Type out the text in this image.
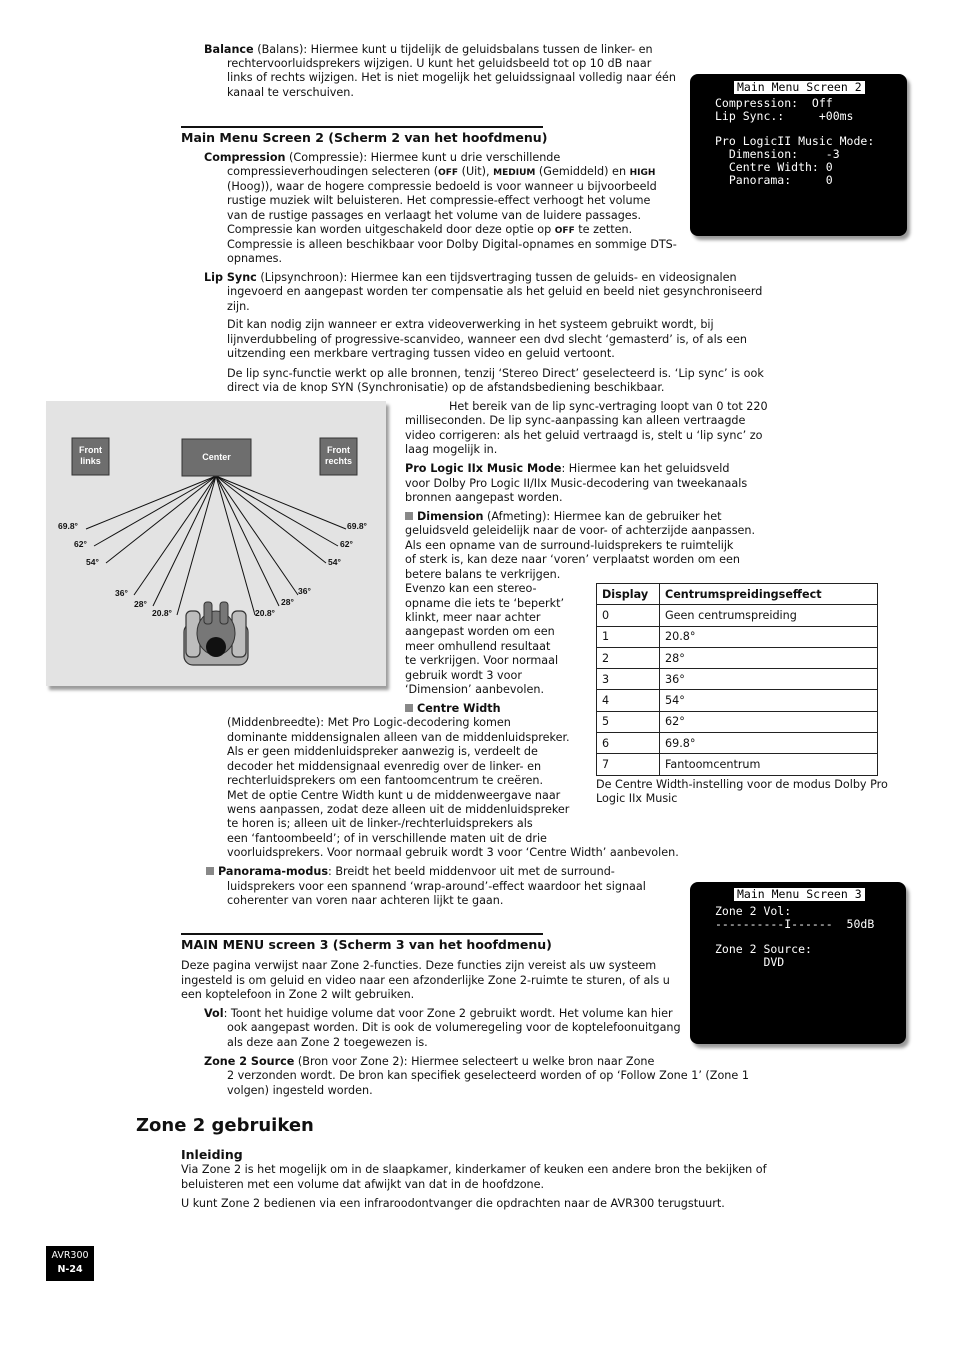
Balance (Balans): Hiermee kunt u tijdelijk de geluidsbalans tussen de linker- en
rechtervoorluidsprekers wijzigen. U kunt het geluidsbeeld tot op 10 dB naar
links of rechts wijzigen. Het is niet mogelijk het geluidssignaal volledig naar één
kanaal te verschuiven.	Main Menu Screen 2
Compression:  Off
Lip Sync.:     +00ms
Pro LogicII Music Mode:
Dimension:    -3
Centre Width: 0
Panorama:     0
Main Menu Screen 2 (Scherm 2 van het hoofdmenu)
Compression (Compressie): Hiermee kunt u drie verschillende
compressieverhoudingen selecteren (OFF (Uit), MEDIUM (Gemiddeld) en HIGH
(Hoog)), waar de hogere compressie bedoeld is voor wanneer u bijvoorbeeld
rustige muziek wilt beluisteren. Het compressie-effect verhoogt het volume
van de rustige passages en verlaagt het volume van de luidere passages.
Compressie kan worden uitgeschakeld door deze optie op OFF te zetten.
Compressie is alleen beschikbaar voor Dolby Digital-opnames en sommige DTS-
opnames.
Lip Sync (Lipsynchroon): Hiermee kan een tijdsvertraging tussen de geluids- en videosignalen
ingevoerd en aangepast worden ter compensatie als het geluid en beeld niet gesynchroniseerd
zijn.
Dit kan nodig zijn wanneer er extra videoverwerking in het systeem gebruikt wordt, bij
lijnverdubbeling of progressive-scanvideo, wanneer een dvd slecht ‘gemasterd’ is, of als een
uitzending een merkbare vertraging tussen video en geluid vertoont.
De lip sync-functie werkt op alle bronnen, tenzij ‘Stereo Direct’ geselecteerd is. ‘Lip sync’ is ook
direct via de knop SYN (Synchronisatie) op de afstandsbediening beschikbaar.
Front
links	Center
Front
rechts
69.8°
62°
54°
36°
28°
20.8°
69.8°
62°
54°
36°
28°
20.8°
Het bereik van de lip sync-vertraging loopt van 0 tot 220
milliseconden. De lip sync-aanpassing kan alleen vertraagde
video corrigeren: als het geluid vertraagd is, stelt u ‘lip sync’ zo
laag mogelijk in.
Pro Logic IIx Music Mode: Hiermee kan het geluidsveld
voor Dolby Pro Logic II/IIx Music-decodering van tweekanaals
bronnen aangepast worden.
Dimension (Afmeting): Hiermee kan de gebruiker het
geluidsveld geleidelijk naar de voor- of achterzijde aanpassen.
Als een opname van de surround-luidsprekers te ruimtelijk
of sterk is, kan deze naar ‘voren’ verplaatst worden om een
betere balans te verkrijgen.
Evenzo kan een stereo-
opname die iets te ‘beperkt’
klinkt, meer naar achter
aangepast worden om een
meer omhullend resultaat
te verkrijgen. Voor normaal
gebruik wordt 3 voor
‘Dimension’ aanbevolen.
Display	Centrumspreidingseffect
0	Geen centrumspreiding
1	20.8°
2	28°
3	36°
4	54°
5	62°
6	69.8°
7	Fantoomcentrum
De Centre Width-instelling voor de modus Dolby Pro
Logic IIx Music
Centre Width
(Middenbreedte): Met Pro Logic-decodering komen
dominante middensignalen alleen van de middenluidspreker.
Als er geen middenluidspreker aanwezig is, verdeelt de
decoder het middensignaal evenredig over de linker- en
rechterluidsprekers om een fantoomcentrum te creëren.
Met de optie Centre Width kunt u de middenweergave naar
wens aanpassen, zodat deze alleen uit de middenluidspreker
te horen is; alleen uit de linker-/rechterluidsprekers als
een ‘fantoombeeld’; of in verschillende maten uit de drie
voorluidsprekers. Voor normaal gebruik wordt 3 voor ‘Centre Width’ aanbevolen.
Panorama-modus: Breidt het beeld middenvoor uit met de surround-
luidsprekers voor een spannend ‘wrap-around’-effect waardoor het signaal
coherenter van voren naar achteren lijkt te gaan.	Main Menu Screen 3
Zone 2 Vol:
----------I------  50dB
Zone 2 Source:
DVD
MAIN MENU screen 3 (Scherm 3 van het hoofdmenu)
Deze pagina verwijst naar Zone 2-functies. Deze functies zijn vereist als uw systeem
ingesteld is om geluid en video naar een afzonderlijke Zone 2-ruimte te sturen, of als u
een koptelefoon in Zone 2 wilt gebruiken.
Vol: Toont het huidige volume dat voor Zone 2 gebruikt wordt. Het volume kan hier
ook aangepast worden. Dit is ook de volumeregeling voor de koptelefoonuitgang
als deze aan Zone 2 toegewezen is.
Zone 2 Source (Bron voor Zone 2): Hiermee selecteert u welke bron naar Zone
2 verzonden wordt. De bron kan specifiek geselecteerd worden of op ‘Follow Zone 1’ (Zone 1
volgen) ingesteld worden.
Zone 2 gebruiken
Inleiding
Via Zone 2 is het mogelijk om in de slaapkamer, kinderkamer of keuken een andere bron the bekijken of
beluisteren met een volume dat afwijkt van dat in de hoofdzone.
U kunt Zone 2 bedienen via een infraroodontvanger die opdrachten naar de AVR300 terugstuurt.
AVR300
N-24
